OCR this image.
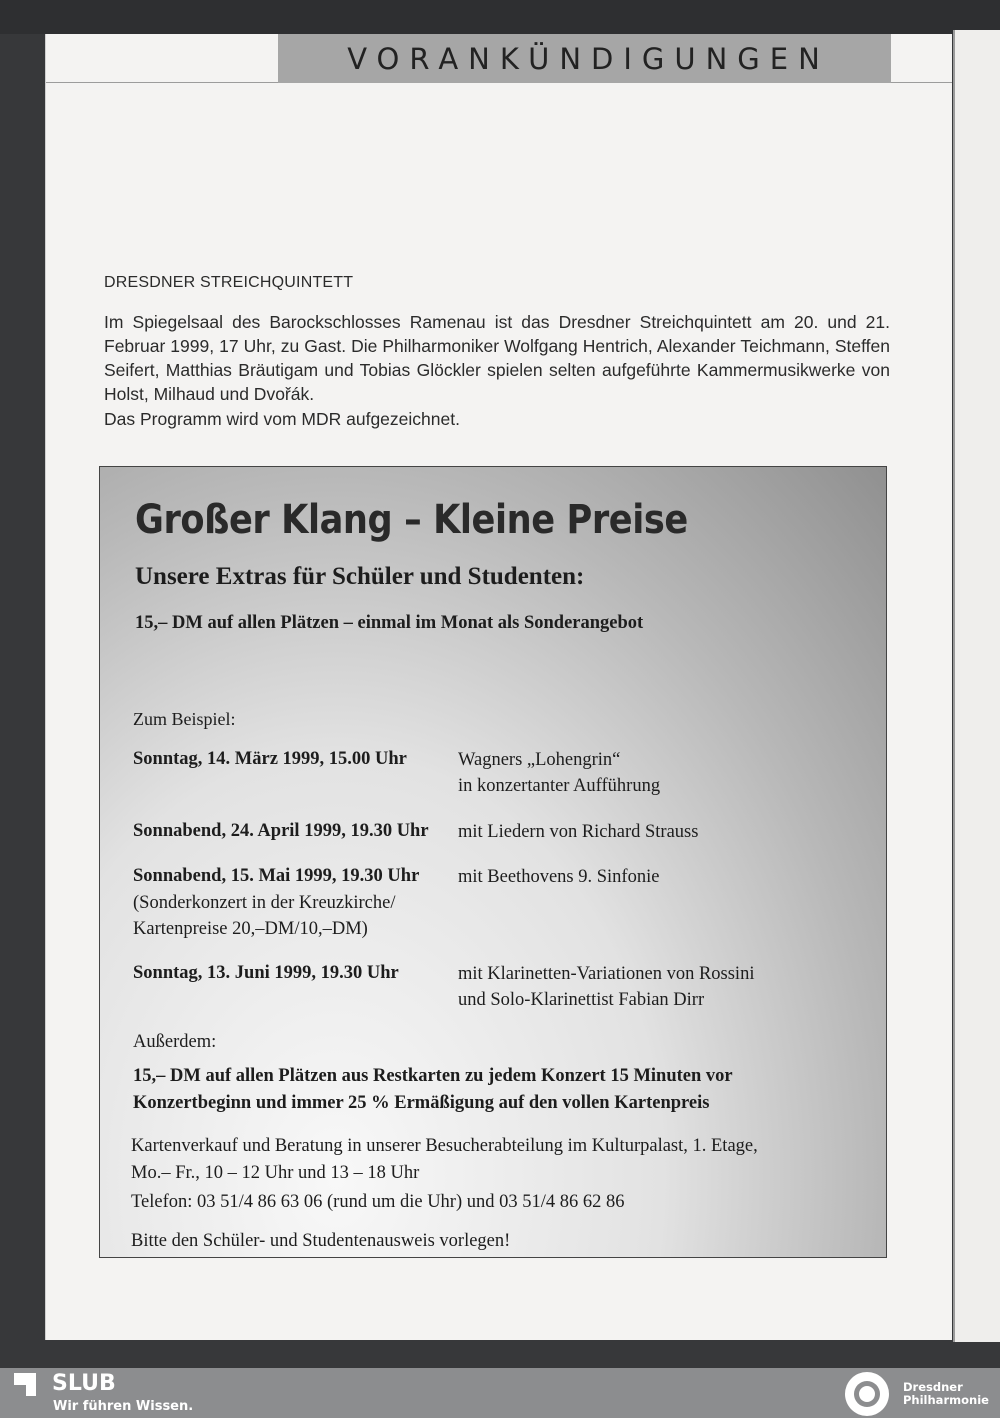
VORANKÜNDIGUNGEN
DRESDNER STREICHQUINTETT

Im Spiegelsaal des Barockschlosses Ramenau ist das Dresdner Streichquintett am 20. und 21. Februar 1999, 17 Uhr, zu Gast. Die Philharmoniker Wolfgang Hentrich, Alexander Teichmann, Steffen Seifert, Matthias Bräutigam und Tobias Glöckler spielen selten aufgeführte Kammermusikwerke von Holst, Milhaud und Dvořák.

Das Programm wird vom MDR aufgezeichnet.

Großer Klang – Kleine Preise
Unsere Extras für Schüler und Studenten:

15,– DM auf allen Plätzen – einmal im Monat als Sonderangebot

Zum Beispiel:
Sonntag, 14. März 1999, 15.00 Uhr	Wagners „Lohengrin“
in konzertanter Aufführung
Sonnabend, 24. April 1999, 19.30 Uhr mit Liedern von Richard Strauss
Sonnabend, 15. Mai 1999, 19.30 Uhr mit Beethovens 9. Sinfonie
(Sonderkonzert in der Kreuzkirche/
Kartenpreise 20,–DM/10,–DM)
Sonntag, 13. Juni 1999, 19.30 Uhr	mit Klarinetten-Variationen von Rossini
und Solo-Klarinettist Fabian Dirr
Außerdem:

15,– DM auf allen Plätzen aus Restkarten zu jedem Konzert 15 Minuten vor Konzertbeginn und immer 25 % Ermäßigung auf den vollen Kartenpreis

Kartenverkauf und Beratung in unserer Besucherabteilung im Kulturpalast, 1. Etage,

Mo.– Fr., 10 – 12 Uhr und 13 – 18 Uhr

Telefon: 03 51/4 86 63 06 (rund um die Uhr) und 03 51/4 86 62 86

Bitte den Schüler- und Studentenausweis vorlegen!

SLUB
Wir führen Wissen.
Dresdner
Philharmonie
